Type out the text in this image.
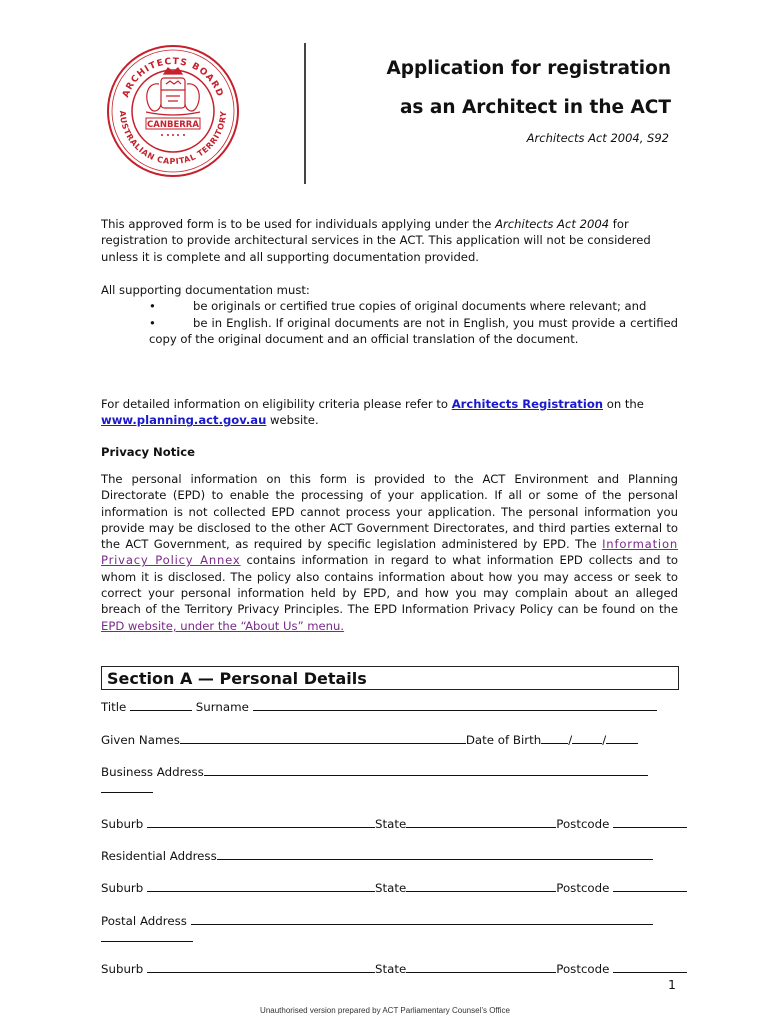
ARCHITECTS BOARD
AUSTRALIAN CAPITAL TERRITORY
CANBERRA
Application for registration
as an Architect in the ACT
Architects Act 2004, S92

This approved form is to be used for individuals applying under the Architects Act 2004 for registration to provide architectural services in the ACT. This application will not be considered unless it is complete and all supporting documentation provided.

All supporting documentation must:

•	be originals or certified true copies of original documents where relevant; and
•	be in English. If original documents are not in English, you must provide a certified copy of the original document and an official translation of the document.

For detailed information on eligibility criteria please refer to Architects Registration on the www.planning.act.gov.au website.

Privacy Notice

The personal information on this form is provided to the ACT Environment and Planning Directorate (EPD) to enable the processing of your application. If all or some of the personal information is not collected EPD cannot process your application. The personal information you provide may be disclosed to the other ACT Government Directorates, and third parties external to the ACT Government, as required by specific legislation administered by EPD. The Information Privacy Policy Annex contains information in regard to what information EPD collects and to whom it is disclosed. The policy also contains information about how you may access or seek to correct your personal information held by EPD, and how you may complain about an alleged breach of the Territory Privacy Principles. The EPD Information Privacy Policy can be found on the EPD website, under the “About Us” menu.

Section A — Personal Details
Title	Surname
Given Names	Date of Birth /	/
Business Address
Suburb	State	Postcode
Residential Address
Suburb	State	Postcode
Postal Address
Suburb	State	Postcode
1
Unauthorised version prepared by ACT Parliamentary Counsel’s Office
